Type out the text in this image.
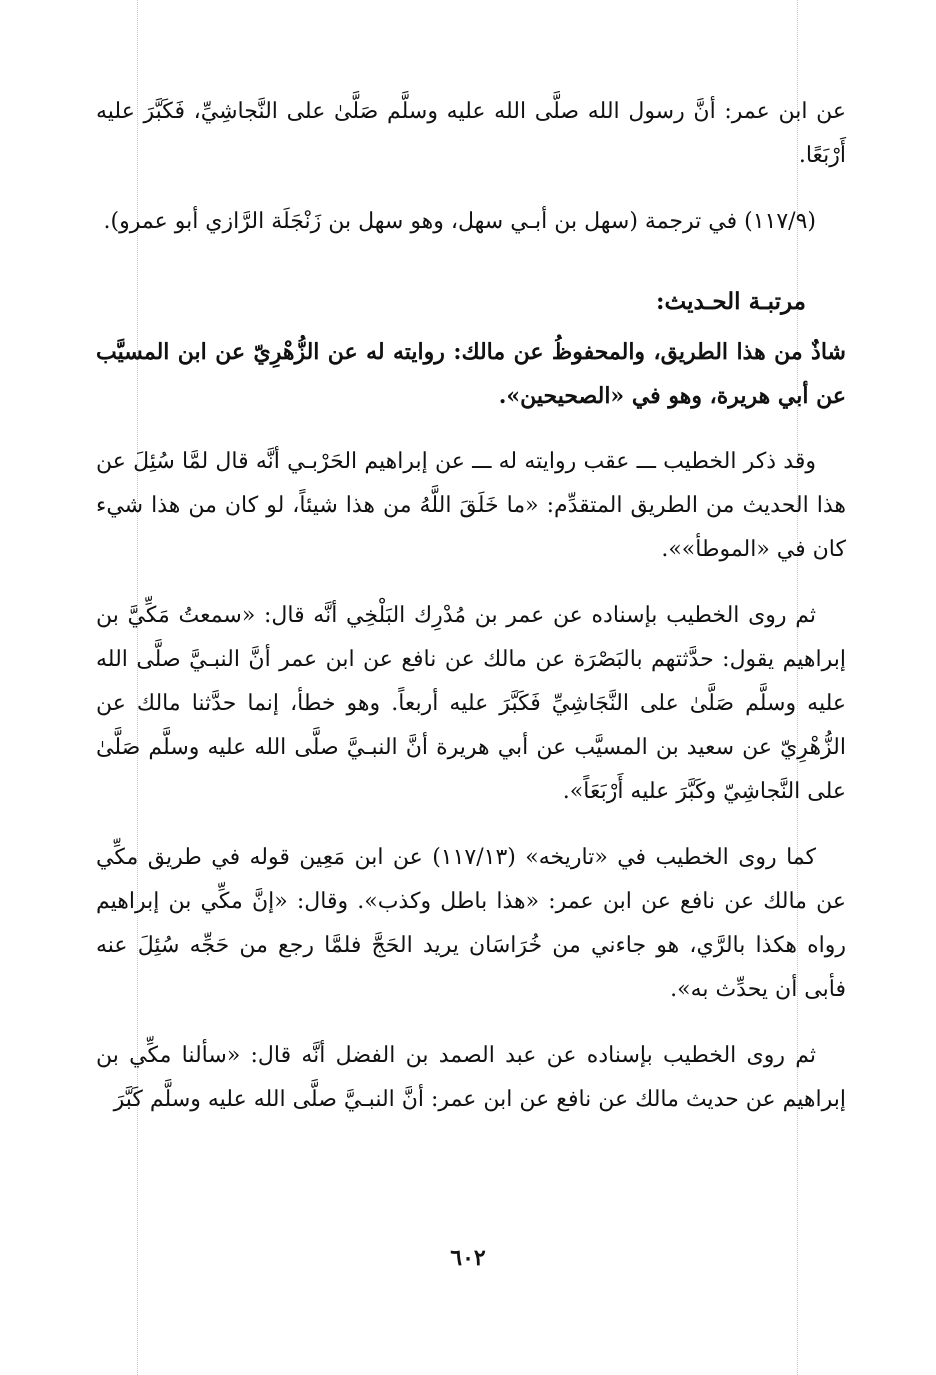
عن ابن عمر: أنَّ رسول الله صلَّى الله عليه وسلَّم صَلَّىٰ على النَّجاشِيِّ، فَكَبَّرَ عليه أَرْبَعًا.

(١١٧/٩) في ترجمة (سهل بن أبـي سهل، وهو سهل بن زَنْجَلَة الرَّازي أبو عمرو).

مرتبـة الحـديث:

شاذٌ من هذا الطريق، والمحفوظُ عن مالك: روايته له عن الزُّهْرِيّ عن ابن المسيَّب عن أبي هريرة، وهو في «الصحيحين».

وقد ذكر الخطيب ـــ عقب روايته له ـــ عن إبراهيم الحَرْبـي أنَّه قال لمَّا سُئِلَ عن هذا الحديث من الطريق المتقدِّم: «ما خَلَقَ اللَّهُ من هذا شيئاً، لو كان من هذا شيء كان في «الموطأ»».

ثم روى الخطيب بإسناده عن عمر بن مُدْرِك البَلْخِي أنَّه قال: «سمعتُ مَكِّيَّ بن إبراهيم يقول: حدَّثتهم بالبَصْرَة عن مالك عن نافع عن ابن عمر أنَّ النبـيَّ صلَّى الله عليه وسلَّم صَلَّىٰ على النَّجَاشِيِّ فَكَبَّرَ عليه أربعاً. وهو خطأ، إنما حدَّثنا مالك عن الزُّهْرِيّ عن سعيد بن المسيَّب عن أبي هريرة أنَّ النبـيَّ صلَّى الله عليه وسلَّم صَلَّىٰ على النَّجاشِيّ وكَبَّرَ عليه أَرْبَعَاً».

كما روى الخطيب في «تاريخه» (١١٧/١٣) عن ابن مَعِين قوله في طريق مكِّي عن مالك عن نافع عن ابن عمر: «هذا باطل وكذب». وقال: «إنَّ مكِّي بن إبراهيم رواه هكذا بالرَّي، هو جاءني من خُرَاسَان يريد الحَجَّ فلمَّا رجع من حَجِّه سُئِلَ عنه فأبى أن يحدِّث به».

ثم روى الخطيب بإسناده عن عبد الصمد بن الفضل أنَّه قال: «سألنا مكِّي بن إبراهيم عن حديث مالك عن نافع عن ابن عمر: أنَّ النبـيَّ صلَّى الله عليه وسلَّم كَبَّرَ

٦٠٢
